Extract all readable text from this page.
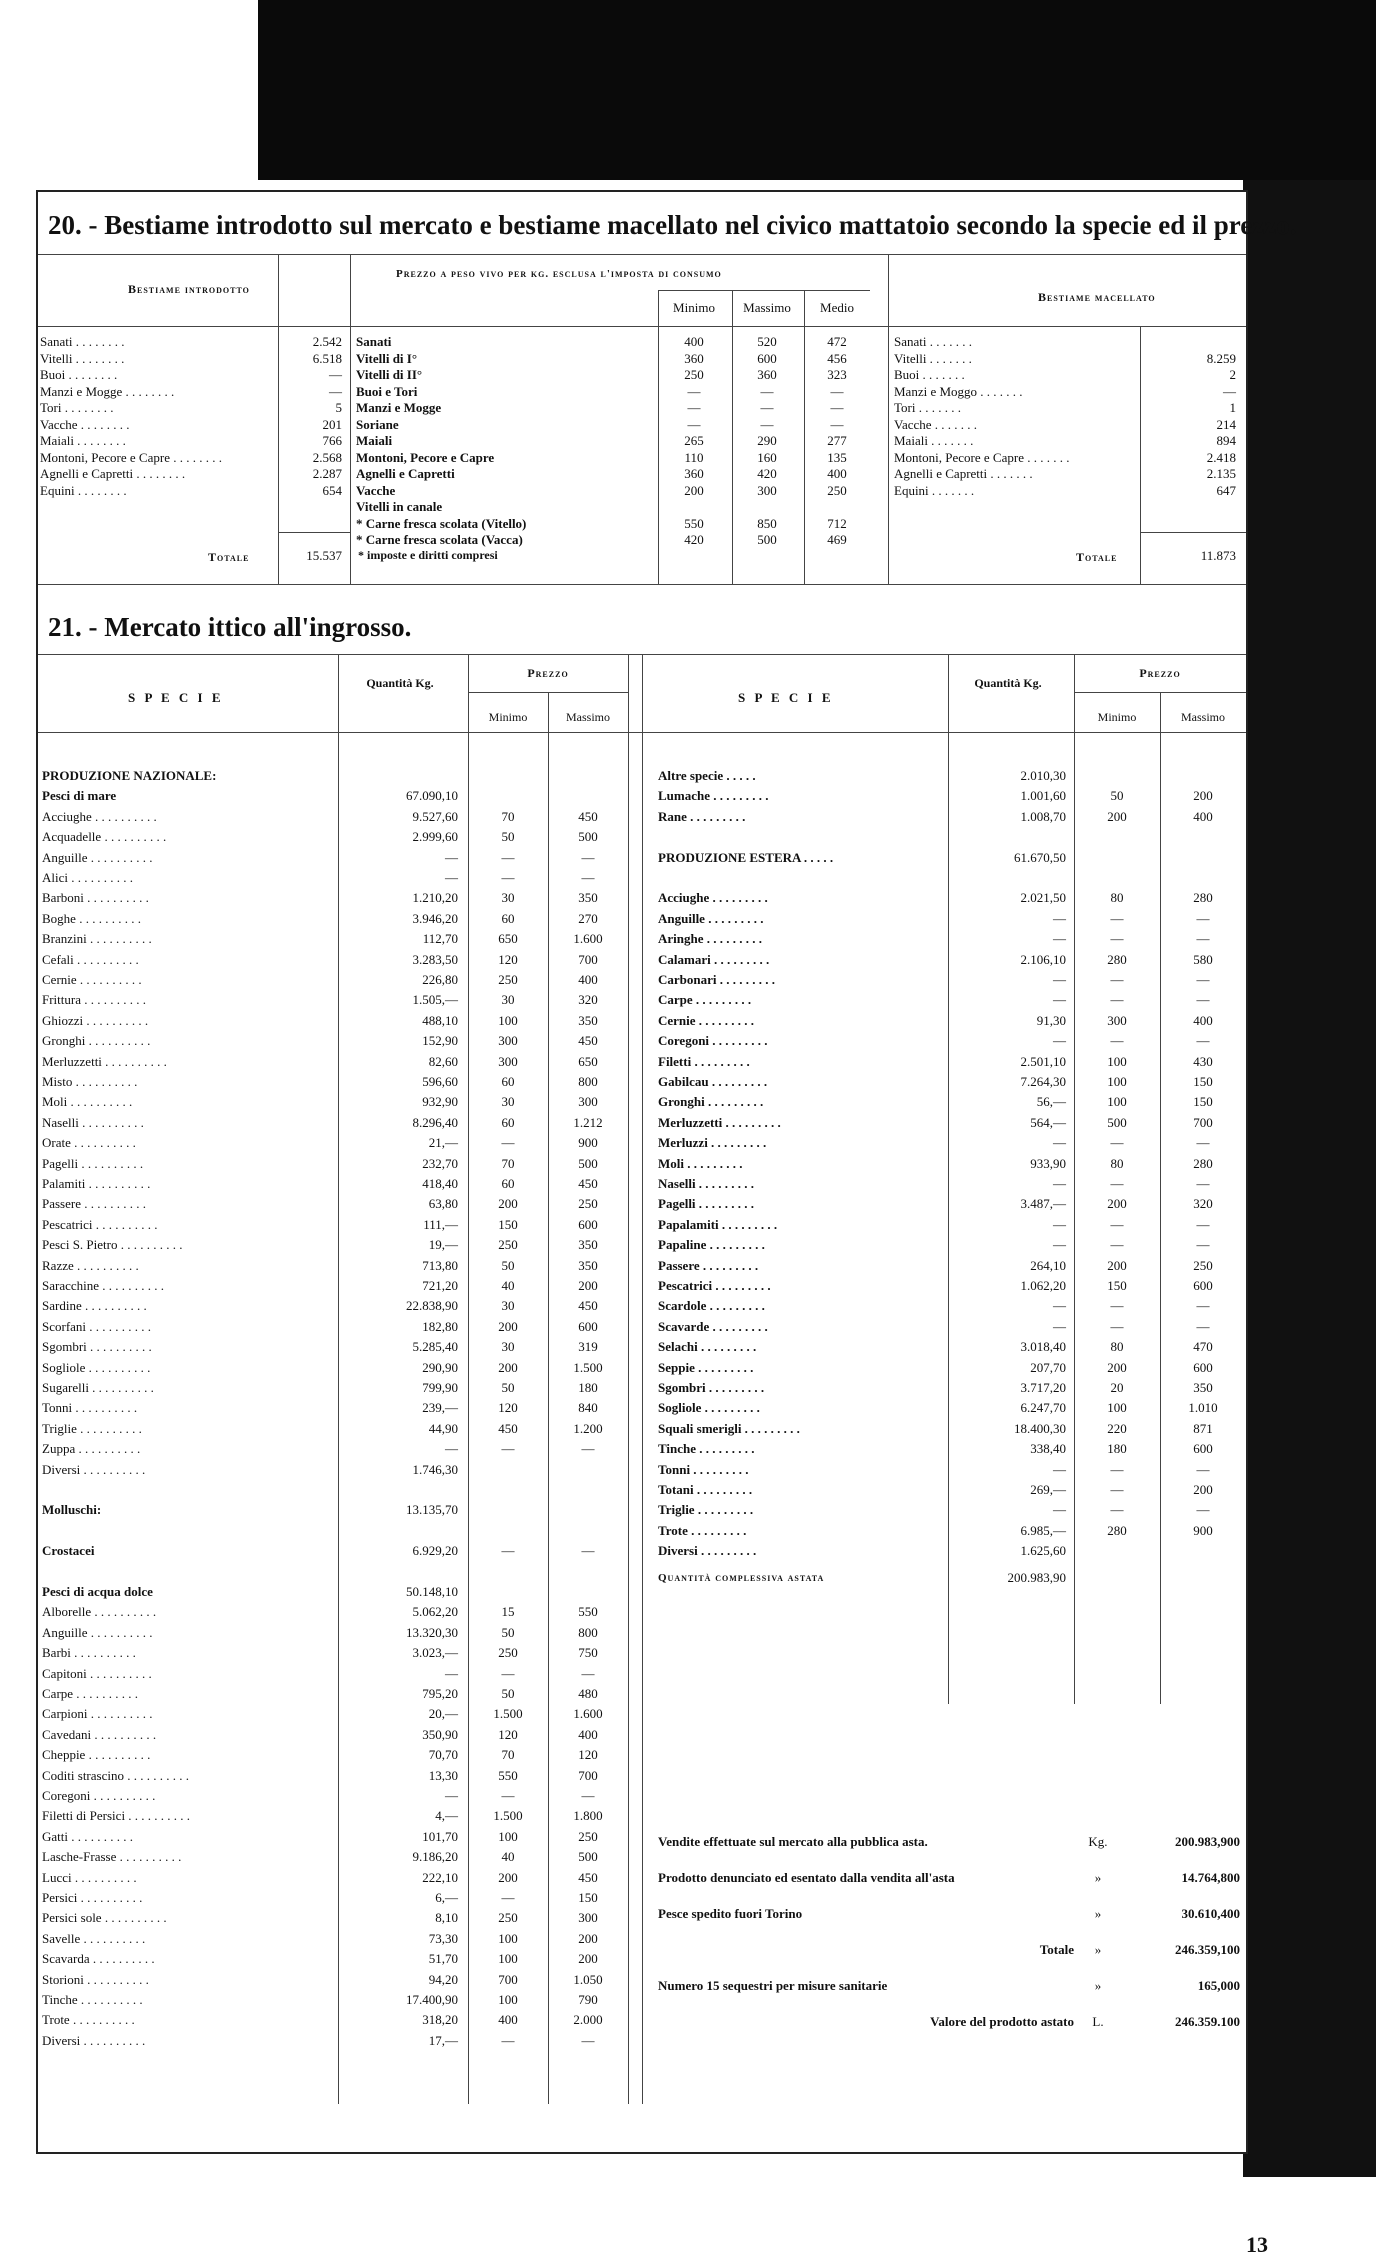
20. - Bestiame introdotto sul mercato e bestiame macellato nel civico mattatoio secondo la specie ed il prezzo.
Bestiame introdotto
Prezzo a peso vivo per kg. esclusa l'imposta di consumo
Bestiame macellato
Minimo	Massimo	Medio
Totale	15.537 * imposte e diritti compresi	Totale	11.873
21. - Mercato ittico all'ingrosso.
S P E C I E
Quantità Kg.
Prezzo
Minimo	Massimo
S P E C I E
Quantità Kg.
Prezzo
Minimo	Massimo
Quantità complessiva astata	200.983,90
13
Sanati . . . . . . . .	2.542
Vitelli . . . . . . . .	6.518
Buoi . . . . . . . .	—
Manzi e Mogge . . . . . . . .	—
Tori . . . . . . . .	5
Vacche . . . . . . . .	201
Maiali . . . . . . . .	766
Montoni, Pecore e Capre . . . . . . . .	2.568
Agnelli e Capretti . . . . . . . .	2.287
Equini . . . . . . . .	654
Sanati	400	520	472
Vitelli di I°	360	600	456
Vitelli di II°	250	360	323
Buoi e Tori	—	—	—
Manzi e Mogge	—	—	—
Soriane	—	—	—
Maiali	265	290	277
Montoni, Pecore e Capre	110	160	135
Agnelli e Capretti	360	420	400
Vacche	200	300	250
Vitelli in canale
* Carne fresca scolata (Vitello)	550	850	712
* Carne fresca scolata (Vacca)	420	500	469
Sanati . . . . . . .
Vitelli . . . . . . .	8.259
Buoi . . . . . . .	2
Manzi e Moggo . . . . . . .	—
Tori . . . . . . .	1
Vacche . . . . . . .	214
Maiali . . . . . . .	894
Montoni, Pecore e Capre . . . . . . .	2.418
Agnelli e Capretti . . . . . . .	2.135
Equini . . . . . . .	647
PRODUZIONE NAZIONALE:
Pesci di mare	67.090,10
Acciughe . . . . . . . . . .	9.527,60	70	450
Acquadelle . . . . . . . . . .	2.999,60	50	500
Anguille . . . . . . . . . .	—	—	—
Alici . . . . . . . . . .	—	—	—
Barboni . . . . . . . . . .	1.210,20	30	350
Boghe . . . . . . . . . .	3.946,20	60	270
Branzini . . . . . . . . . .	112,70	650	1.600
Cefali . . . . . . . . . .	3.283,50	120	700
Cernie . . . . . . . . . .	226,80	250	400
Frittura . . . . . . . . . .	1.505,—	30	320
Ghiozzi . . . . . . . . . .	488,10	100	350
Gronghi . . . . . . . . . .	152,90	300	450
Merluzzetti . . . . . . . . . .	82,60	300	650
Misto . . . . . . . . . .	596,60	60	800
Moli . . . . . . . . . .	932,90	30	300
Naselli . . . . . . . . . .	8.296,40	60	1.212
Orate . . . . . . . . . .	21,—	—	900
Pagelli . . . . . . . . . .	232,70	70	500
Palamiti . . . . . . . . . .	418,40	60	450
Passere . . . . . . . . . .	63,80	200	250
Pescatrici . . . . . . . . . .	111,—	150	600
Pesci S. Pietro . . . . . . . . . .	19,—	250	350
Razze . . . . . . . . . .	713,80	50	350
Saracchine . . . . . . . . . .	721,20	40	200
Sardine . . . . . . . . . .	22.838,90	30	450
Scorfani . . . . . . . . . .	182,80	200	600
Sgombri . . . . . . . . . .	5.285,40	30	319
Sogliole . . . . . . . . . .	290,90	200	1.500
Sugarelli . . . . . . . . . .	799,90	50	180
Tonni . . . . . . . . . .	239,—	120	840
Triglie . . . . . . . . . .	44,90	450	1.200
Zuppa . . . . . . . . . .	—	—	—
Diversi . . . . . . . . . .	1.746,30
Molluschi:	13.135,70
Crostacei	6.929,20	—	—
Pesci di acqua dolce	50.148,10
Alborelle . . . . . . . . . .	5.062,20	15	550
Anguille . . . . . . . . . .	13.320,30	50	800
Barbi . . . . . . . . . .	3.023,—	250	750
Capitoni . . . . . . . . . .	—	—	—
Carpe . . . . . . . . . .	795,20	50	480
Carpioni . . . . . . . . . .	20,—	1.500	1.600
Cavedani . . . . . . . . . .	350,90	120	400
Cheppie . . . . . . . . . .	70,70	70	120
Coditi strascino . . . . . . . . . .	13,30	550	700
Coregoni . . . . . . . . . .	—	—	—
Filetti di Persici . . . . . . . . . .	4,—	1.500	1.800
Gatti . . . . . . . . . .	101,70	100	250
Lasche-Frasse . . . . . . . . . .	9.186,20	40	500
Lucci . . . . . . . . . .	222,10	200	450
Persici . . . . . . . . . .	6,—	—	150
Persici sole . . . . . . . . . .	8,10	250	300
Savelle . . . . . . . . . .	73,30	100	200
Scavarda . . . . . . . . . .	51,70	100	200
Storioni . . . . . . . . . .	94,20	700	1.050
Tinche . . . . . . . . . .	17.400,90	100	790
Trote . . . . . . . . . .	318,20	400	2.000
Diversi . . . . . . . . . .	17,—	—	—
Altre specie . . . . .	2.010,30
Lumache . . . . . . . . .	1.001,60	50	200
Rane . . . . . . . . .	1.008,70	200	400
PRODUZIONE ESTERA . . . . .	61.670,50
Acciughe . . . . . . . . .	2.021,50	80	280
Anguille . . . . . . . . .	—	—	—
Aringhe . . . . . . . . .	—	—	—
Calamari . . . . . . . . .	2.106,10	280	580
Carbonari . . . . . . . . .	—	—	—
Carpe . . . . . . . . .	—	—	—
Cernie . . . . . . . . .	91,30	300	400
Coregoni . . . . . . . . .	—	—	—
Filetti . . . . . . . . .	2.501,10	100	430
Gabilcau . . . . . . . . .	7.264,30	100	150
Gronghi . . . . . . . . .	56,—	100	150
Merluzzetti . . . . . . . . .	564,—	500	700
Merluzzi . . . . . . . . .	—	—	—
Moli . . . . . . . . .	933,90	80	280
Naselli . . . . . . . . .	—	—	—
Pagelli . . . . . . . . .	3.487,—	200	320
Papalamiti . . . . . . . . .	—	—	—
Papaline . . . . . . . . .	—	—	—
Passere . . . . . . . . .	264,10	200	250
Pescatrici . . . . . . . . .	1.062,20	150	600
Scardole . . . . . . . . .	—	—	—
Scavarde . . . . . . . . .	—	—	—
Selachi . . . . . . . . .	3.018,40	80	470
Seppie . . . . . . . . .	207,70	200	600
Sgombri . . . . . . . . .	3.717,20	20	350
Sogliole . . . . . . . . .	6.247,70	100	1.010
Squali smerigli . . . . . . . . .	18.400,30	220	871
Tinche . . . . . . . . .	338,40	180	600
Tonni . . . . . . . . .	—	—	—
Totani . . . . . . . . .	269,—	—	200
Triglie . . . . . . . . .	—	—	—
Trote . . . . . . . . .	6.985,—	280	900
Diversi . . . . . . . . .	1.625,60
Vendite effettuate sul mercato alla pubblica asta.	Kg.	200.983,900
Prodotto denunciato ed esentato dalla vendita all'asta	»	14.764,800
Pesce spedito fuori Torino	»	30.610,400
Totale	»	246.359,100
Numero 15 sequestri per misure sanitarie	»	165,000
Valore del prodotto astato	L.	246.359.100
